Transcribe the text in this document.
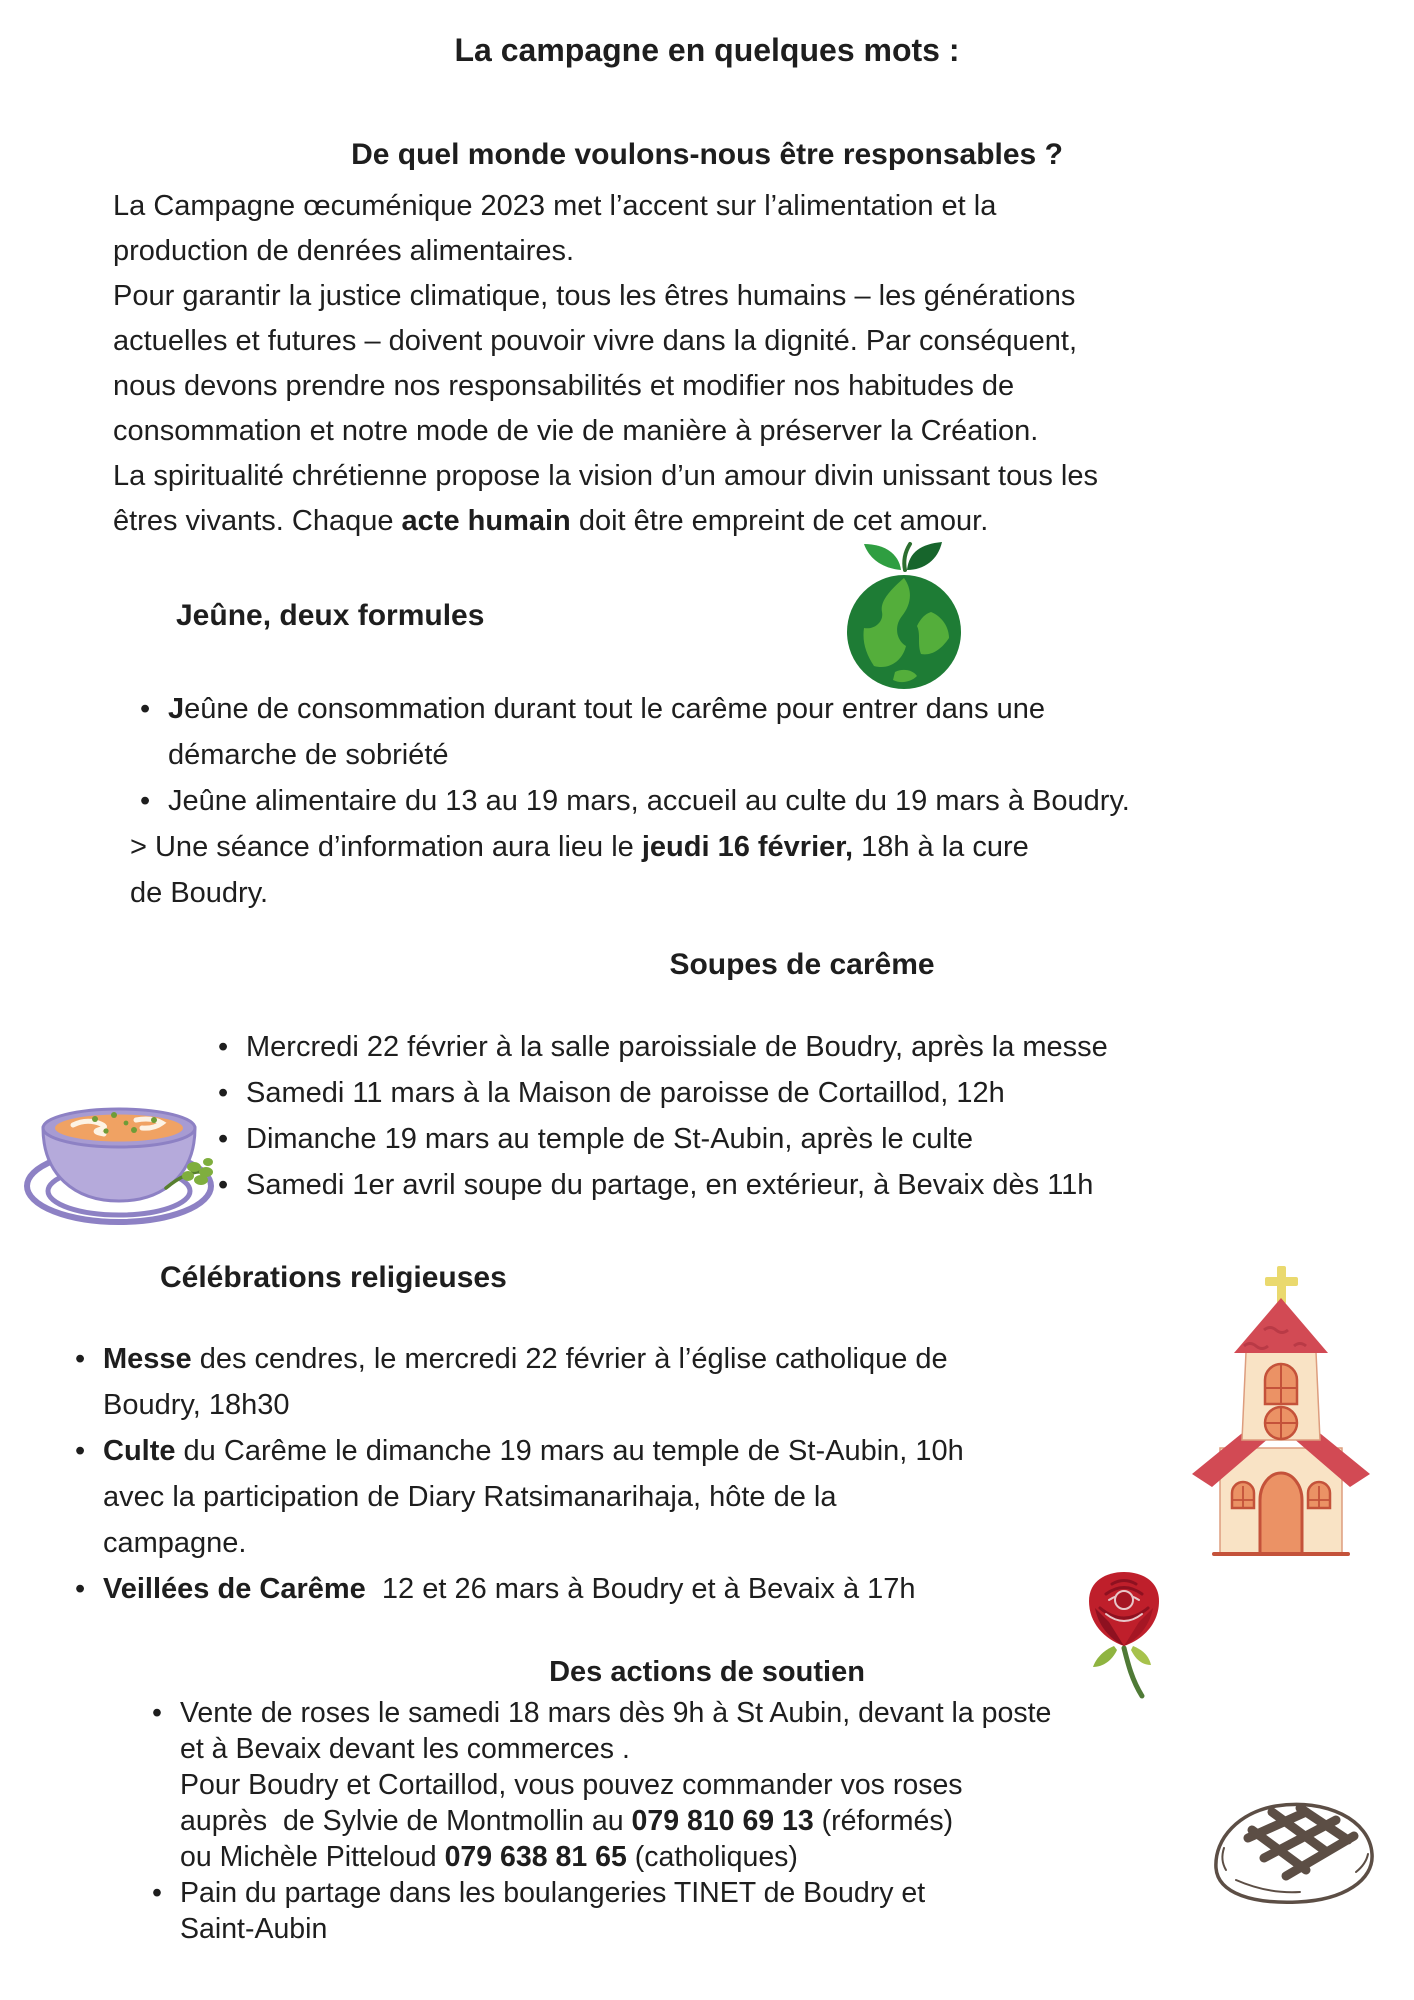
La campagne en quelques mots :
De quel monde voulons-nous être responsables ?
La Campagne œcuménique 2023 met l’accent sur l’alimentation et la
production de denrées alimentaires.
Pour garantir la justice climatique, tous les êtres humains – les générations
actuelles et futures – doivent pouvoir vivre dans la dignité. Par conséquent,
nous devons prendre nos responsabilités et modifier nos habitudes de
consommation et notre mode de vie de manière à préserver la Création.
La spiritualité chrétienne propose la vision d’un amour divin unissant tous les
êtres vivants. Chaque acte humain doit être empreint de cet amour.
Jeûne, deux formules
• Jeûne de consommation durant tout le carême pour entrer dans une
démarche de sobriété
• Jeûne alimentaire du 13 au 19 mars, accueil au culte du 19 mars à Boudry.
> Une séance d’information aura lieu le jeudi 16 février, 18h à la cure
de Boudry.
Soupes de carême
• Mercredi 22 février à la salle paroissiale de Boudry, après la messe
• Samedi 11 mars à la Maison de paroisse de Cortaillod, 12h
• Dimanche 19 mars au temple de St-Aubin, après le culte
• Samedi 1er avril soupe du partage, en extérieur, à Bevaix dès 11h
Célébrations religieuses
• Messe des cendres, le mercredi 22 février à l’église catholique de
Boudry, 18h30
• Culte du Carême le dimanche 19 mars au temple de St-Aubin, 10h
avec la participation de Diary Ratsimanarihaja, hôte de la
campagne.
• Veillées de Carême  12 et 26 mars à Boudry et à Bevaix à 17h
Des actions de soutien
• Vente de roses le samedi 18 mars dès 9h à St Aubin, devant la poste
et à Bevaix devant les commerces .
Pour Boudry et Cortaillod, vous pouvez commander vos roses
auprès  de Sylvie de Montmollin au 079 810 69 13 (réformés)
ou Michèle Pitteloud 079 638 81 65 (catholiques)
• Pain du partage dans les boulangeries TINET de Boudry et
Saint-Aubin
